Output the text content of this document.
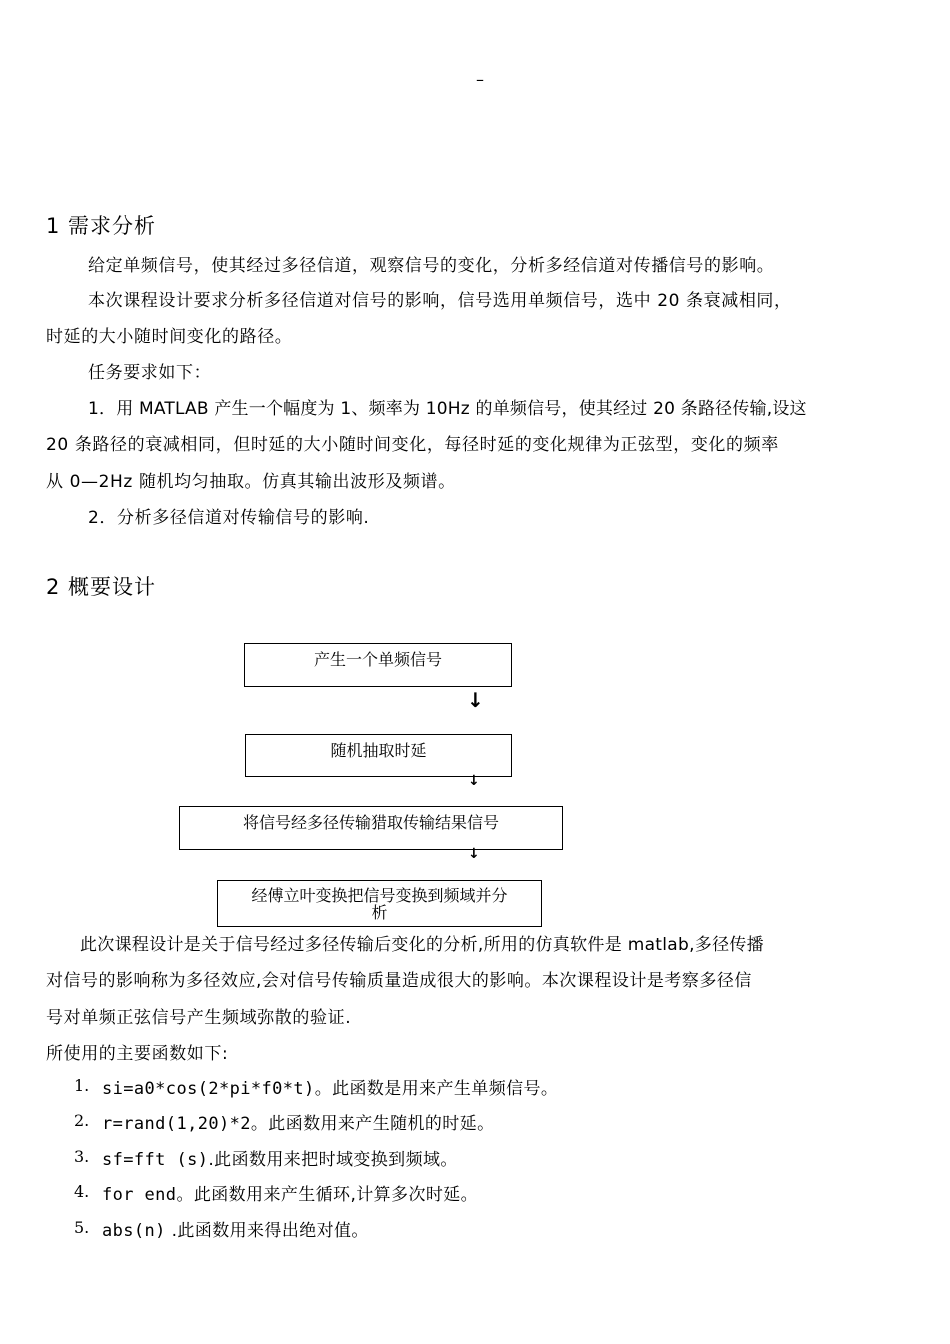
–
1 需求分析
给定单频信号，使其经过多径信道，观察信号的变化，分析多经信道对传播信号的影响。
本次课程设计要求分析多径信道对信号的影响，信号选用单频信号，选中 20 条衰减相同，
时延的大小随时间变化的路径。
任务要求如下：
1．用 MATLAB 产生一个幅度为 1、频率为 10Hz 的单频信号，使其经过 20 条路径传输,设这
20 条路径的衰减相同，但时延的大小随时间变化，每径时延的变化规律为正弦型，变化的频率
从 0—2Hz 随机均匀抽取。仿真其输出波形及频谱。
2．分析多径信道对传输信号的影响.
2 概要设计
产生一个单频信号
↓
随机抽取时延
↓
将信号经多径传输猎取传输结果信号
↓
经傅立叶变换把信号变换到频域并分
析
此次课程设计是关于信号经过多径传输后变化的分析,所用的仿真软件是 matlab,多径传播
对信号的影响称为多径效应,会对信号传输质量造成很大的影响。本次课程设计是考察多径信
号对单频正弦信号产生频域弥散的验证.
所使用的主要函数如下:
1. si=a0*cos(2*pi*f0*t)。此函数是用来产生单频信号。
2. r=rand(1,20)*2。此函数用来产生随机的时延。
3. sf=fft (s).此函数用来把时域变换到频域。
4. for end。此函数用来产生循环,计算多次时延。
5. abs(n) .此函数用来得出绝对值。
